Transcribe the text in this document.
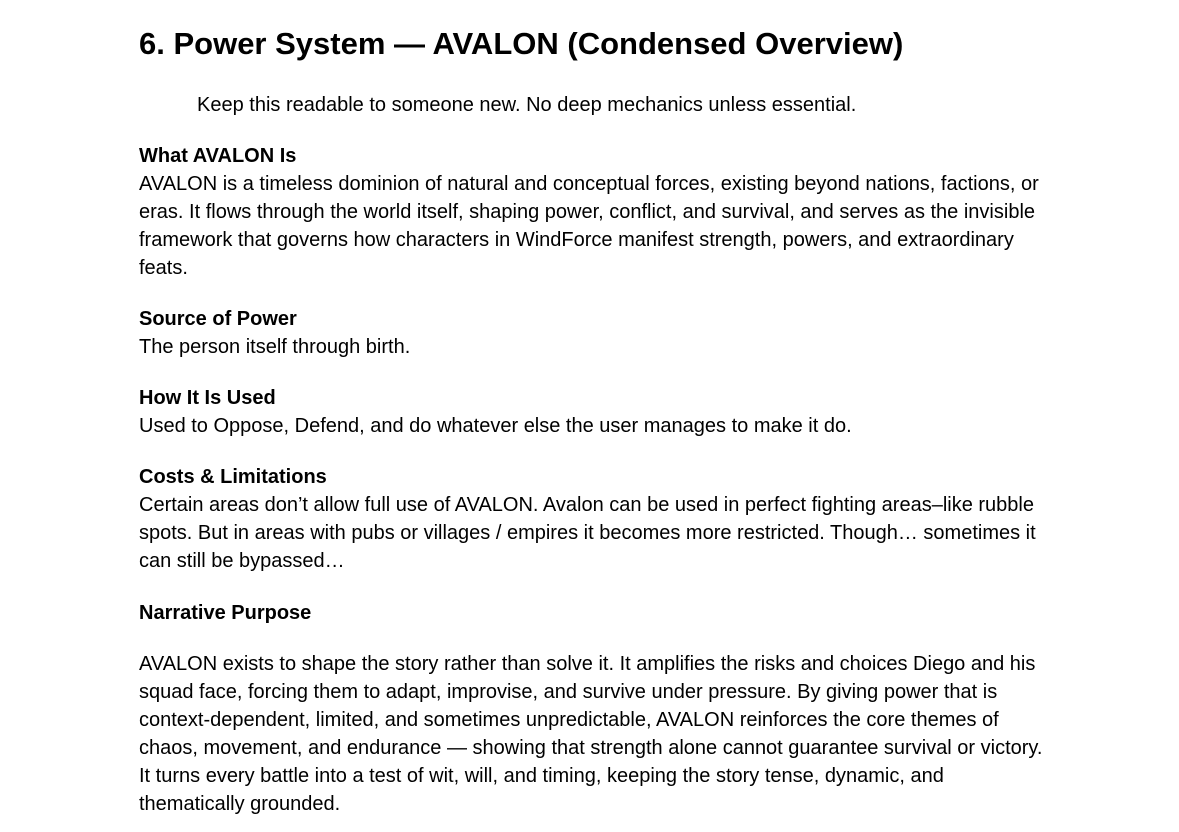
6. Power System — AVALON (Condensed Overview)
Keep this readable to someone new. No deep mechanics unless essential.

What AVALON Is

AVALON is a timeless dominion of natural and conceptual forces, existing beyond nations, factions, or eras. It flows through the world itself, shaping power, conflict, and survival, and serves as the invisible framework that governs how characters in WindForce manifest strength, powers, and extraordinary feats.

Source of Power

The person itself through birth.

How It Is Used

Used to Oppose, Defend, and do whatever else the user manages to make it do.

Costs & Limitations

Certain areas don’t allow full use of AVALON. Avalon can be used in perfect fighting areas–like rubble spots. But in areas with pubs or villages / empires it becomes more restricted. Though… sometimes it can still be bypassed…

Narrative Purpose

AVALON exists to shape the story rather than solve it. It amplifies the risks and choices Diego and his squad face, forcing them to adapt, improvise, and survive under pressure. By giving power that is context-dependent, limited, and sometimes unpredictable, AVALON reinforces the core themes of chaos, movement, and endurance — showing that strength alone cannot guarantee survival or victory. It turns every battle into a test of wit, will, and timing, keeping the story tense, dynamic, and thematically grounded.
